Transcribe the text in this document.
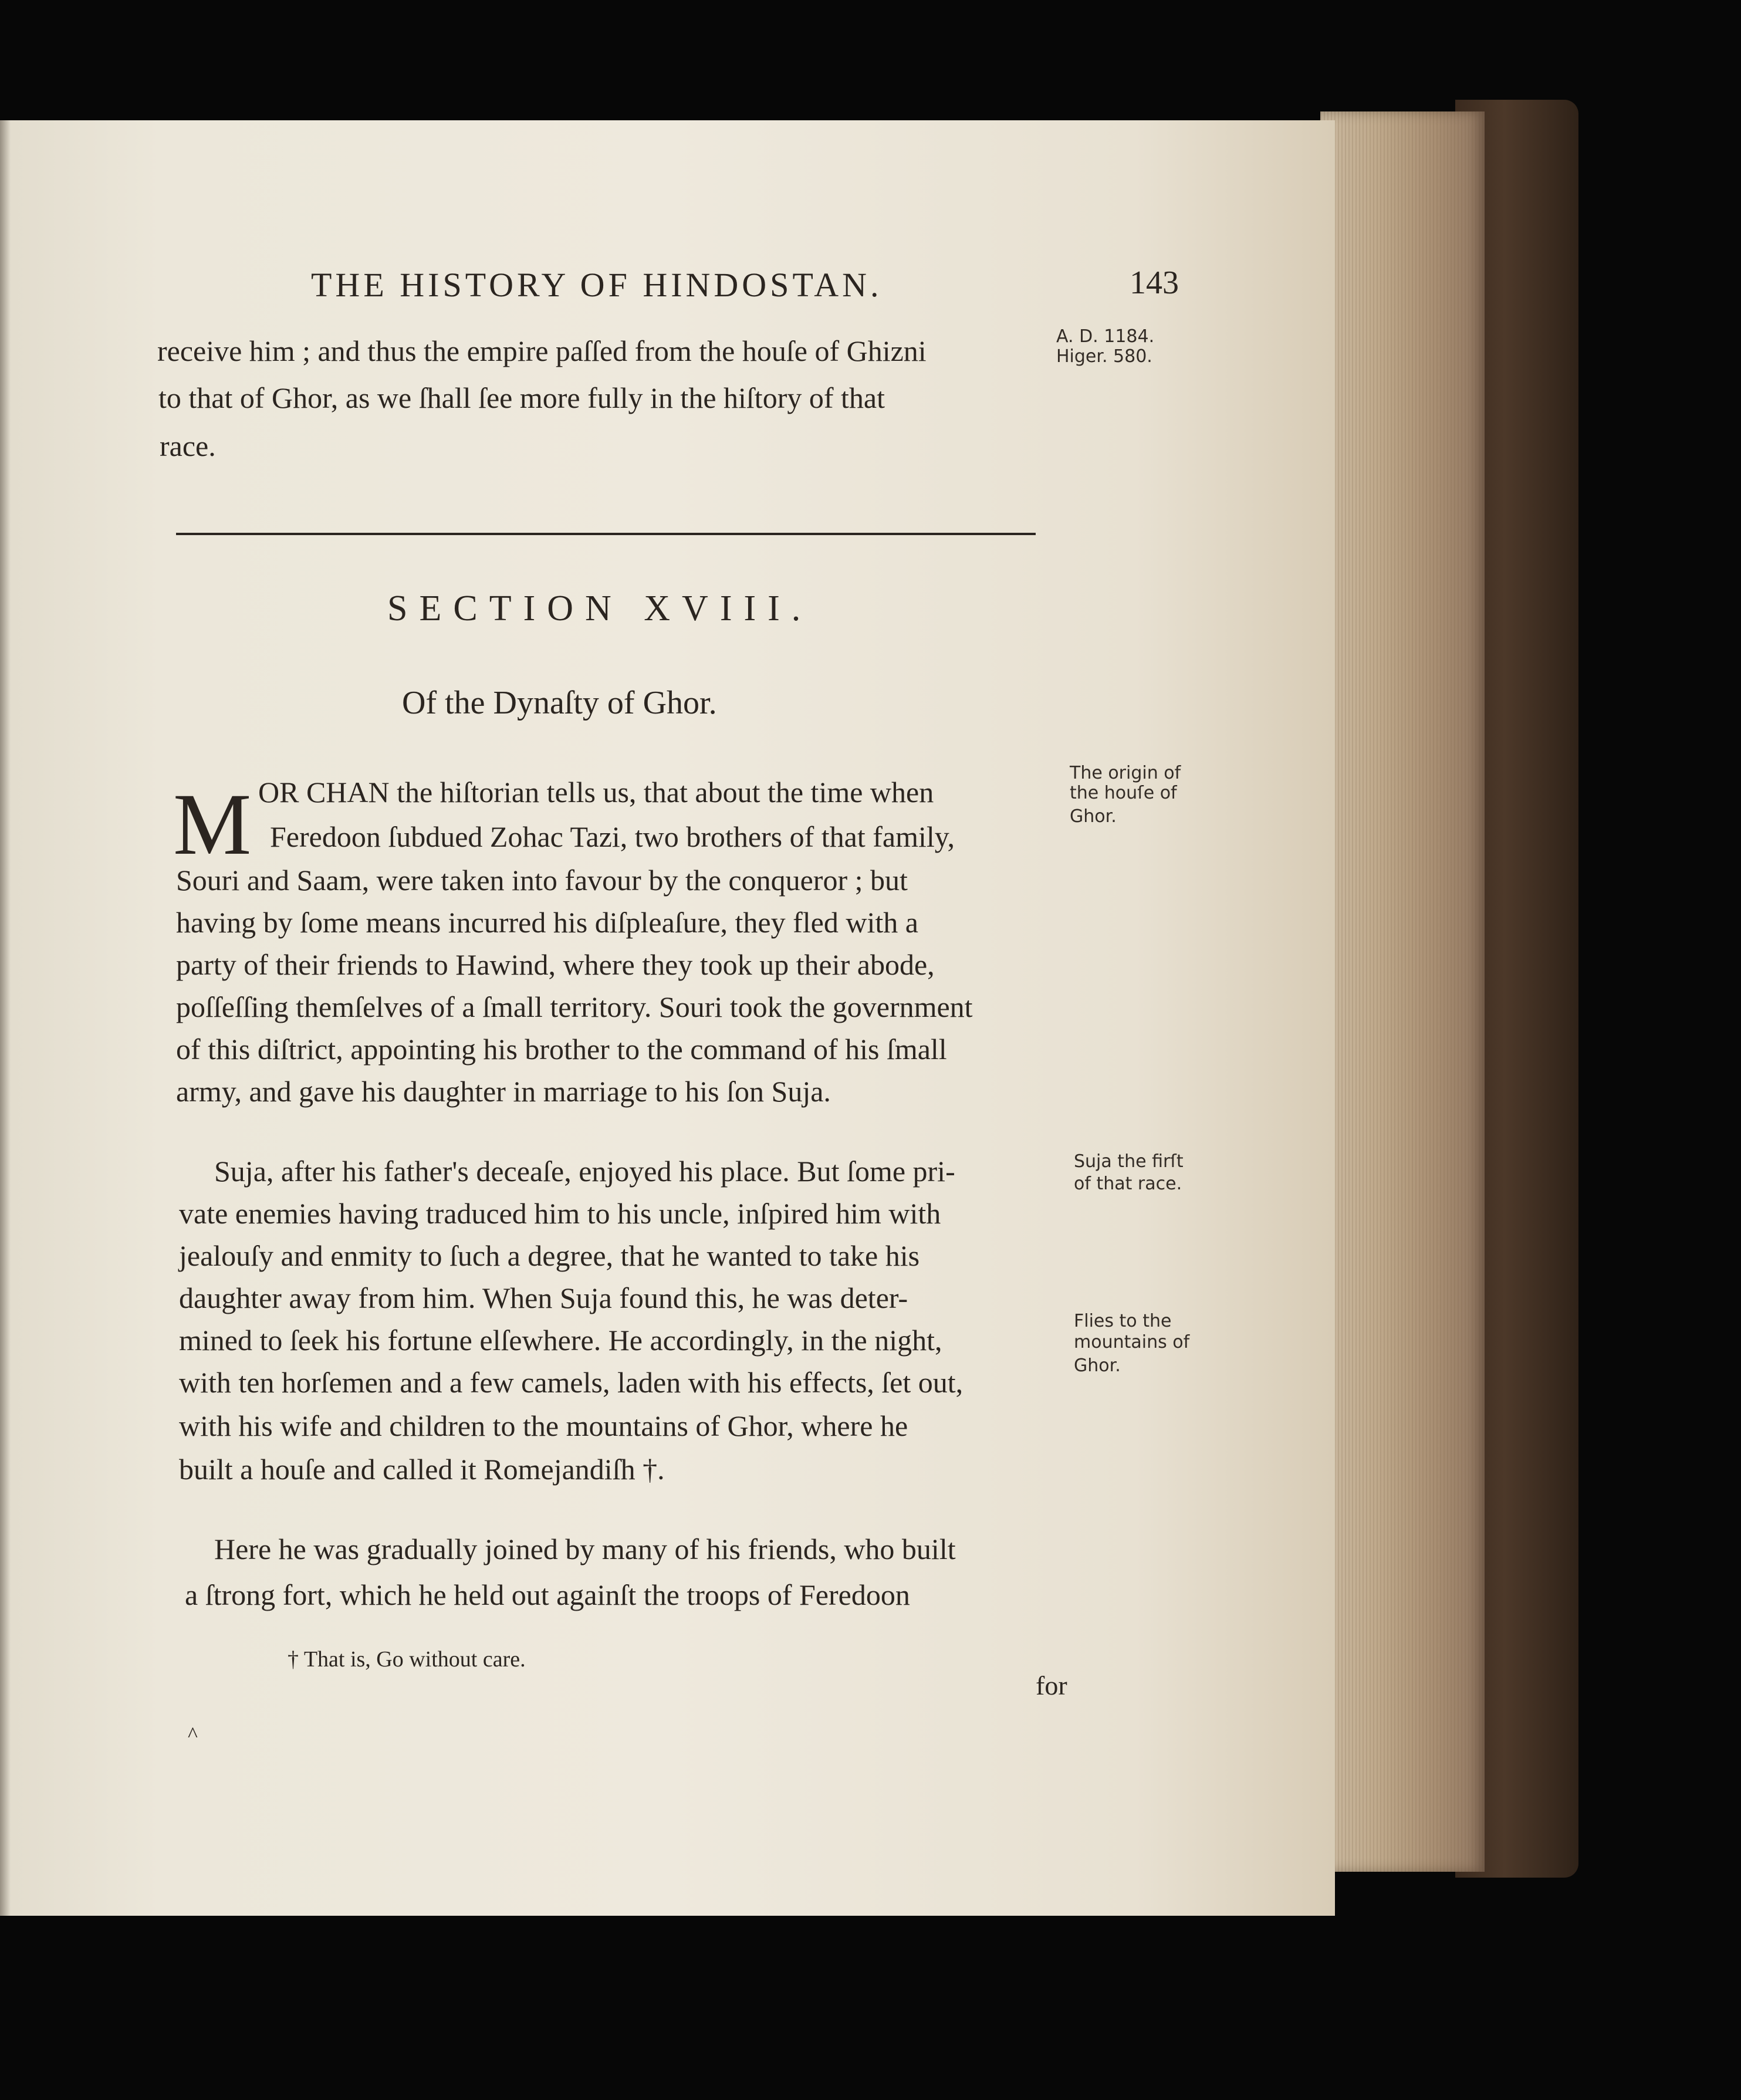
THE HISTORY OF HINDOSTAN.	143
receive him ; and thus the empire paſſed from the houſe of Ghizni
to that of Ghor, as we ſhall ſee more fully in the hiſtory of that
race.
A. D. 1184.
Higer. 580.
SECTION XVIII.
Of the Dynaſty of Ghor.
M OR CHAN the hiſtorian tells us, that about the time when
Feredoon ſubdued Zohac Tazi, two brothers of that family,
Souri and Saam, were taken into favour by the conqueror ; but
having by ſome means incurred his diſpleaſure, they fled with a
party of their friends to Hawind, where they took up their abode,
poſſeſſing themſelves of a ſmall territory. Souri took the government
of this diſtrict, appointing his brother to the command of his ſmall
army, and gave his daughter in marriage to his ſon Suja.
The origin of
the houſe of
Ghor.
Suja, after his father's deceaſe, enjoyed his place. But ſome pri-
vate enemies having traduced him to his uncle, inſpired him with
jealouſy and enmity to ſuch a degree, that he wanted to take his
daughter away from him. When Suja found this, he was deter-
mined to ſeek his fortune elſewhere. He accordingly, in the night,
with ten horſemen and a few camels, laden with his effects, ſet out,
with his wife and children to the mountains of Ghor, where he
built a houſe and called it Romejandiſh †.
Suja the firſt
of that race.
Flies to the
mountains of
Ghor.
Here he was gradually joined by many of his friends, who built
a ſtrong fort, which he held out againſt the troops of Feredoon
† That is, Go without care.
for
^
